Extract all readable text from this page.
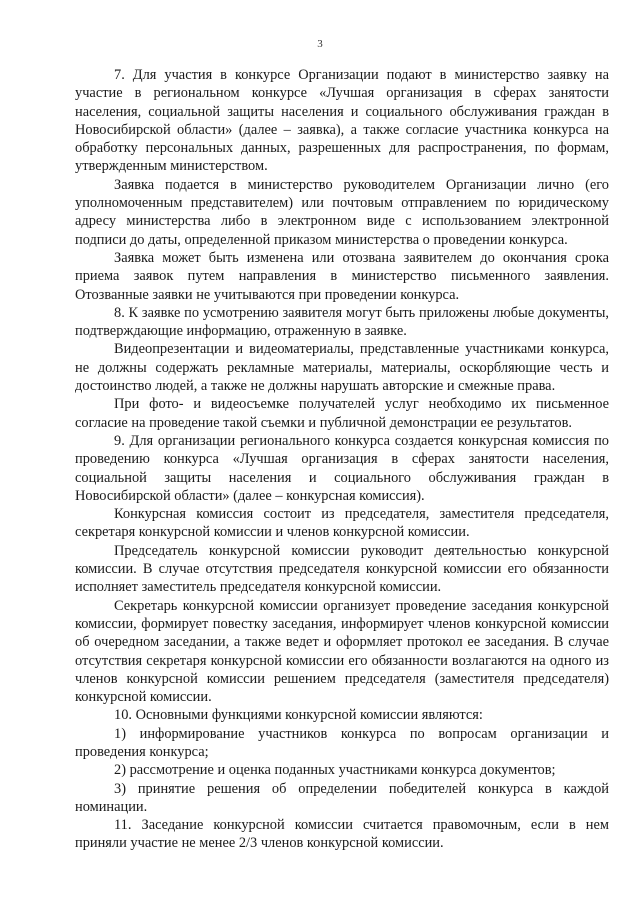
3

7. Для участия в конкурсе Организации подают в министерство заявку на участие в региональном конкурсе «Лучшая организация в сферах занятости населения, социальной защиты населения и социального обслуживания граждан в Новосибирской области» (далее – заявка), а также согласие участника конкурса на обработку персональных данных, разрешенных для распространения, по формам, утвержденным министерством.

Заявка подается в министерство руководителем Организации лично (его уполномоченным представителем) или почтовым отправлением по юридическому адресу министерства либо в электронном виде с использованием электронной подписи до даты, определенной приказом министерства о проведении конкурса.

Заявка может быть изменена или отозвана заявителем до окончания срока приема заявок путем направления в министерство письменного заявления. Отозванные заявки не учитываются при проведении конкурса.

8. К заявке по усмотрению заявителя могут быть приложены любые документы, подтверждающие информацию, отраженную в заявке.

Видеопрезентации и видеоматериалы, представленные участниками конкурса, не должны содержать рекламные материалы, материалы, оскорбляющие честь и достоинство людей, а также не должны нарушать авторские и смежные права.

При фото- и видеосъемке получателей услуг необходимо их письменное согласие на проведение такой съемки и публичной демонстрации ее результатов.

9. Для организации регионального конкурса создается конкурсная комиссия по проведению конкурса «Лучшая организация в сферах занятости населения, социальной защиты населения и социального обслуживания граждан в Новосибирской области» (далее – конкурсная комиссия).

Конкурсная комиссия состоит из председателя, заместителя председателя, секретаря конкурсной комиссии и членов конкурсной комиссии.

Председатель конкурсной комиссии руководит деятельностью конкурсной комиссии. В случае отсутствия председателя конкурсной комиссии его обязанности исполняет заместитель председателя конкурсной комиссии.

Секретарь конкурсной комиссии организует проведение заседания конкурсной комиссии, формирует повестку заседания, информирует членов конкурсной комиссии об очередном заседании, а также ведет и оформляет протокол ее заседания. В случае отсутствия секретаря конкурсной комиссии его обязанности возлагаются на одного из членов конкурсной комиссии решением председателя (заместителя председателя) конкурсной комиссии.

10. Основными функциями конкурсной комиссии являются:

1) информирование участников конкурса по вопросам организации и проведения конкурса;

2) рассмотрение и оценка поданных участниками конкурса документов;

3) принятие решения об определении победителей конкурса в каждой номинации.

11. Заседание конкурсной комиссии считается правомочным, если в нем приняли участие не менее 2/3 членов конкурсной комиссии.
